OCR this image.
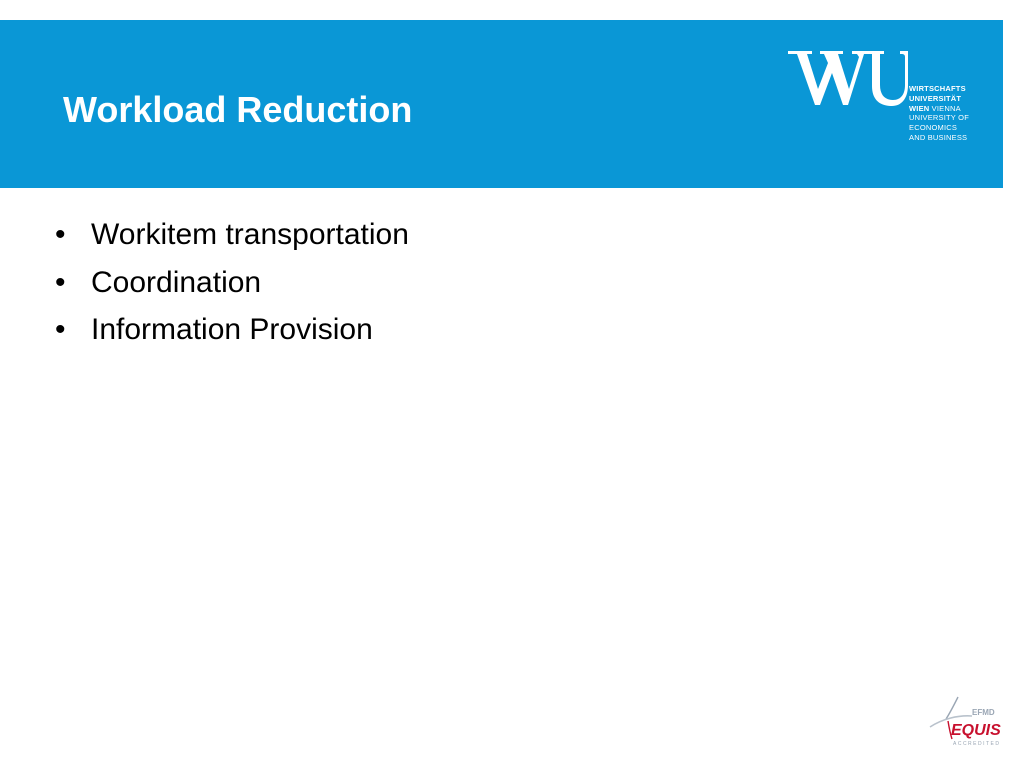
Workload Reduction
WIRTSCHAFTS
UNIVERSITÄT
WIEN VIENNA
UNIVERSITY OF
ECONOMICS
AND BUSINESS
• Workitem transportation
• Coordination
• Information Provision
EFMD
EQUIS
ACCREDITED
